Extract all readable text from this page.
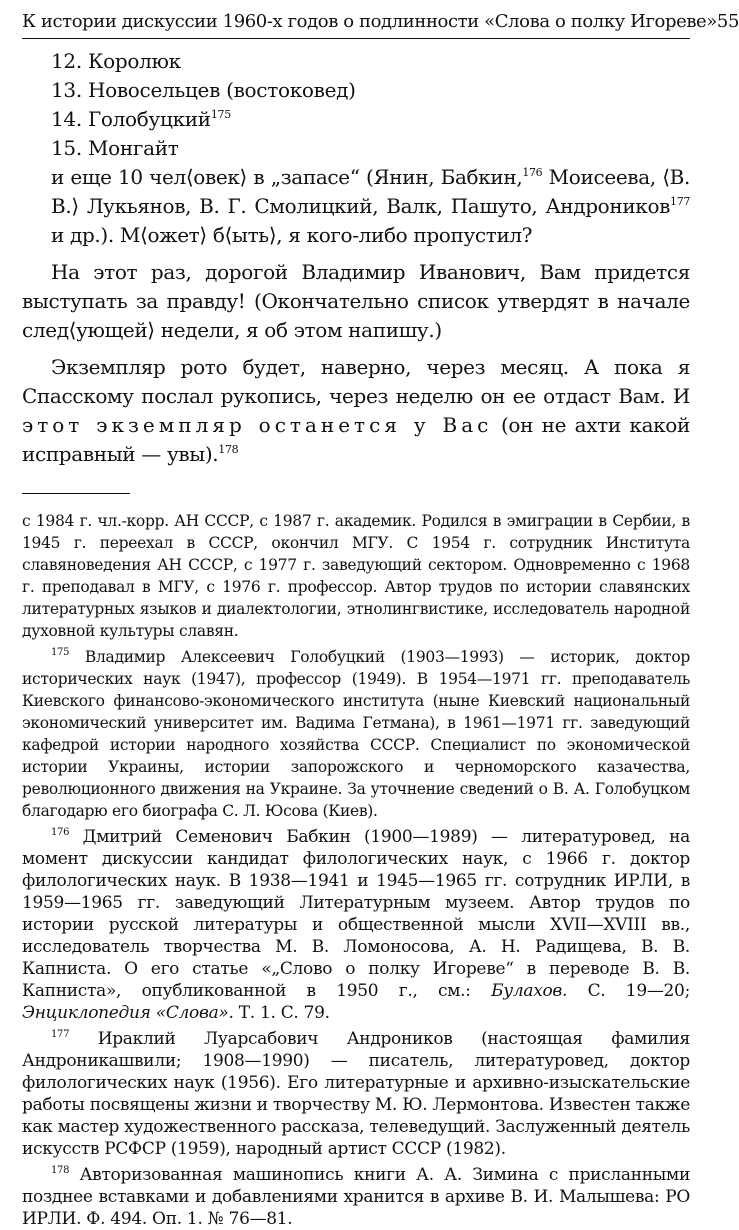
К истории дискуссии 1960-х годов о подлинности «Слова о полку Игореве» 55
12. Королюк
13. Новосельцев (востоковед)
14. Голобуцкий$^{175}$
15. Монгайт

и еще 10 чел⟨овек⟩ в „запасе“ (Янин, Бабкин,$^{176}$ Моисеева, ⟨В. В.⟩ Лукьянов, В. Г. Смолицкий, Валк, Пашуто, Андроников$^{177}$ и др.). М⟨ожет⟩ б⟨ыть⟩, я кого-либо пропустил?

На этот раз, дорогой Владимир Иванович, Вам придется выступать за правду! (Окончательно список утвердят в начале след⟨ующей⟩ недели, я об этом напишу.)

Экземпляр рото будет, наверно, через месяц. А пока я Спасскому послал рукопись, через неделю он ее отдаст Вам. И этот экземпляр останется у Вас (он не ахти какой исправный — увы).$^{178}$

с 1984 г. чл.-корр. АН СССР, с 1987 г. академик. Родился в эмиграции в Сербии, в 1945 г. переехал в СССР, окончил МГУ. С 1954 г. сотрудник Института славяноведения АН СССР, с 1977 г. заведующий сектором. Одновременно с 1968 г. преподавал в МГУ, с 1976 г. профессор. Автор трудов по истории славянских литературных языков и диалектологии, этнолингвистике, исследователь народной духовной культуры славян.

$^{175}$ Владимир Алексеевич Голобуцкий (1903—1993) — историк, доктор исторических наук (1947), профессор (1949). В 1954—1971 гг. преподаватель Киевского финансово-экономического института (ныне Киевский национальный экономический университет им. Вадима Гетмана), в 1961—1971 гг. заведующий кафедрой истории народного хозяйства СССР. Специалист по экономической истории Украины, истории запорожского и черноморского казачества, революционного движения на Украине. За уточнение сведений о В. А. Голобуцком благодарю его биографа С. Л. Юсова (Киев).

$^{176}$ Дмитрий Семенович Бабкин (1900—1989) — литературовед, на момент дискуссии кандидат филологических наук, с 1966 г. доктор филологических наук. В 1938—1941 и 1945—1965 гг. сотрудник ИРЛИ, в 1959—1965 гг. заведующий Литературным музеем. Автор трудов по истории русской литературы и общественной мысли XVII—XVIII вв., исследователь творчества М. В. Ломоносова, А. Н. Радищева, В. В. Капниста. О его статье «„Слово о полку Игореве“ в переводе В. В. Капниста», опубликованной в 1950 г., см.: Булахов. С. 19—20; Энциклопедия «Слова». Т. 1. С. 79.

$^{177}$ Ираклий Луарсабович Андроников (настоящая фамилия Андроникашвили; 1908—1990) — писатель, литературовед, доктор филологических наук (1956). Его литературные и архивно-изыскательские работы посвящены жизни и творчеству М. Ю. Лермонтова. Известен также как мастер художественного рассказа, телеведущий. Заслуженный деятель искусств РСФСР (1959), народный артист СССР (1982).

$^{178}$ Авторизованная машинопись книги А. А. Зимина с присланными позднее вставками и добавлениями хранится в архиве В. И. Малышева: РО ИРЛИ. Ф. 494. Оп. 1. № 76—81.
